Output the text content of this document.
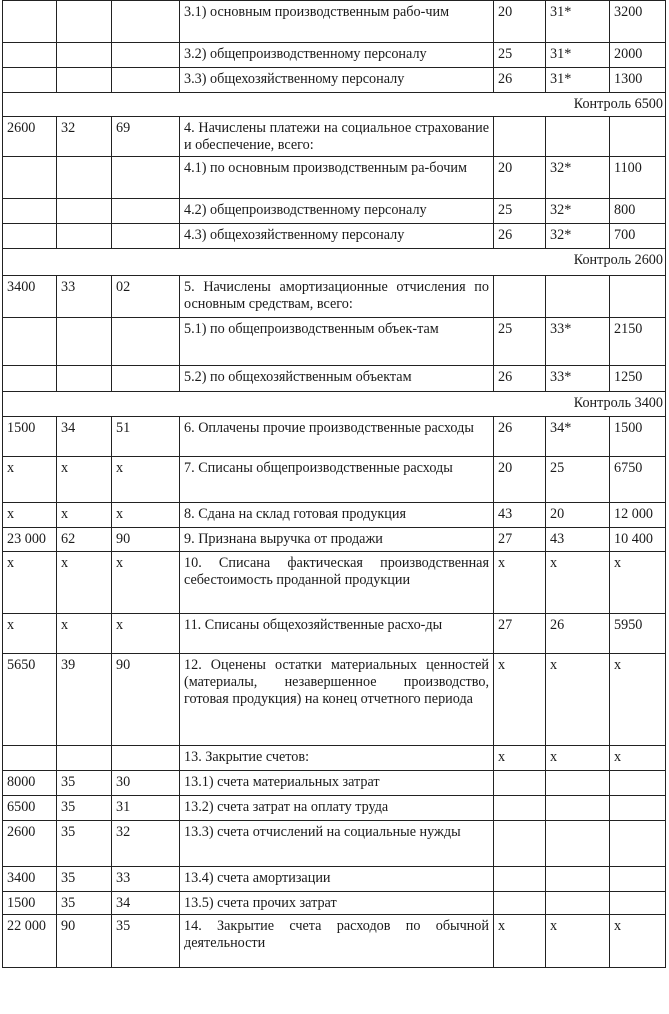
			3.1) основным производственным рабо-чим	20	31*	3200
			3.2) общепроизводственному персоналу	25	31*	2000
			3.3) общехозяйственному персоналу	26	31*	1300
Контроль 6500						
2600	32	69	4. Начислены платежи на социальное страхование и обеспечение, всего:			
			4.1) по основным производственным ра-бочим	20	32*	1100
			4.2) общепроизводственному персоналу	25	32*	800
			4.3) общехозяйственному персоналу	26	32*	700
Контроль 2600						
3400	33	02	5. Начислены амортизационные отчисления по основным средствам, всего:			
			5.1) по общепроизводственным объек-там	25	33*	2150
			5.2) по общехозяйственным объектам	26	33*	1250
Контроль 3400						
1500	34	51	6. Оплачены прочие производственные расходы	26	34*	1500
x	x	x	7. Списаны общепроизводственные расходы	20	25	6750
x	x	x	8. Сдана на склад готовая продукция	43	20	12 000
23 000	62	90	9. Признана выручка от продажи	27	43	10 400
x	x	x	10. Списана фактическая производственная себестоимость проданной продукции	x	x	x
x	x	x	11. Списаны общехозяйственные расхо-ды	27	26	5950
5650	39	90	12. Оценены остатки материальных ценностей (материалы, незавершенное производство, готовая продукция) на конец отчетного периода	x	x	x
			13. Закрытие счетов:	x	x	x
8000	35	30	13.1) счета материальных затрат			
6500	35	31	13.2) счета затрат на оплату труда			
2600	35	32	13.3) счета отчислений на социальные нужды			
3400	35	33	13.4) счета амортизации			
1500	35	34	13.5) счета прочих затрат			
22 000	90	35	14. Закрытие счета расходов по обычной деятельности	x	x	x
